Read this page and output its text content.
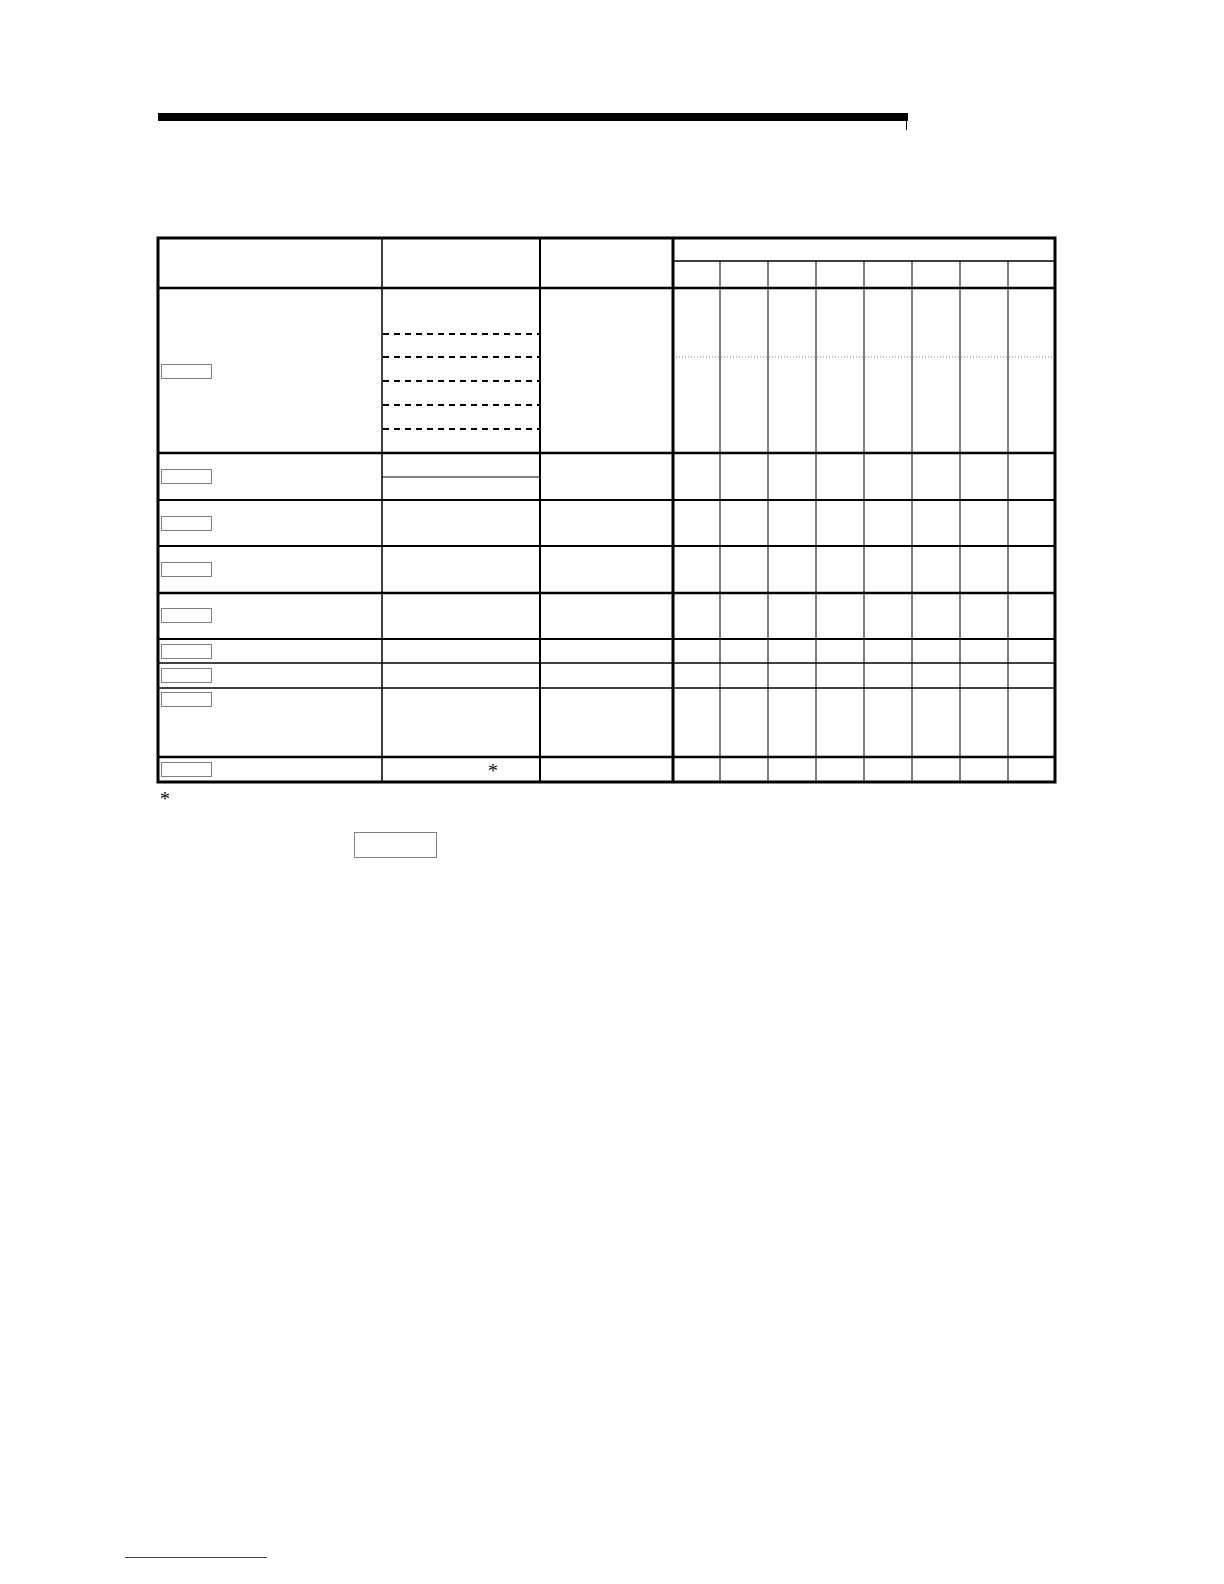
*
*
